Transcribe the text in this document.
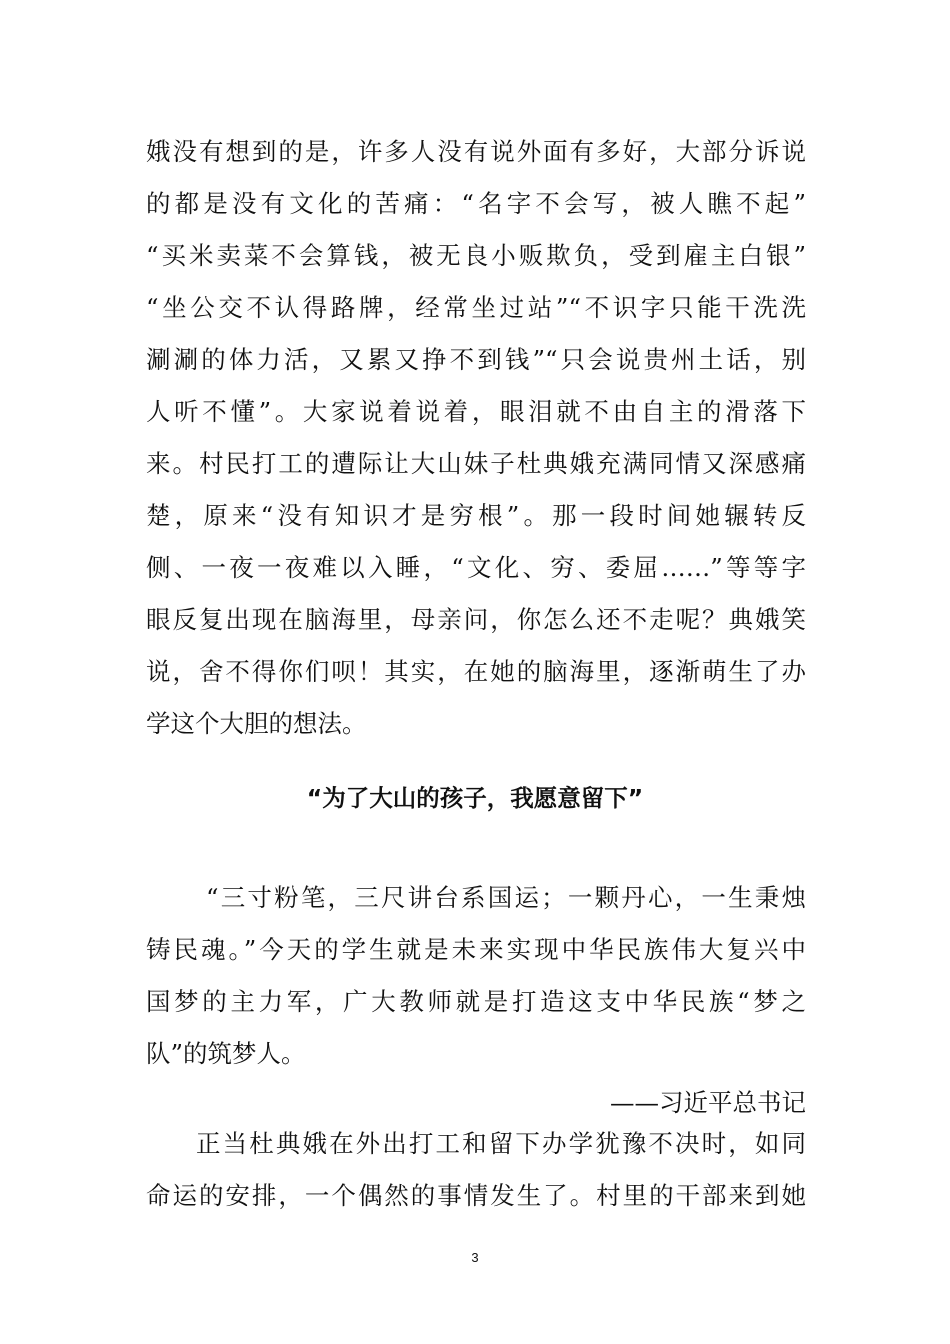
娥没有想到的是，许多人没有说外面有多好，大部分诉说
的都是没有文化的苦痛：“名字不会写，被人瞧不起”
“买米卖菜不会算钱，被无良小贩欺负，受到雇主白银”
“坐公交不认得路牌，经常坐过站”“不识字只能干洗洗
涮涮的体力活，又累又挣不到钱”“只会说贵州土话，别
人听不懂”。大家说着说着，眼泪就不由自主的滑落下
来。村民打工的遭际让大山妹子杜典娥充满同情又深感痛
楚，原来“没有知识才是穷根”。那一段时间她辗转反
侧、一夜一夜难以入睡，“文化、穷、委屈……”等等字
眼反复出现在脑海里，母亲问，你怎么还不走呢？典娥笑
说，舍不得你们呗！其实，在她的脑海里，逐渐萌生了办
学这个大胆的想法。
“为了大山的孩子，我愿意留下”
“三寸粉笔，三尺讲台系国运；一颗丹心，一生秉烛
铸民魂。”今天的学生就是未来实现中华民族伟大复兴中
国梦的主力军，广大教师就是打造这支中华民族“梦之
队”的筑梦人。
——习近平总书记
正当杜典娥在外出打工和留下办学犹豫不决时，如同
命运的安排，一个偶然的事情发生了。村里的干部来到她
3
